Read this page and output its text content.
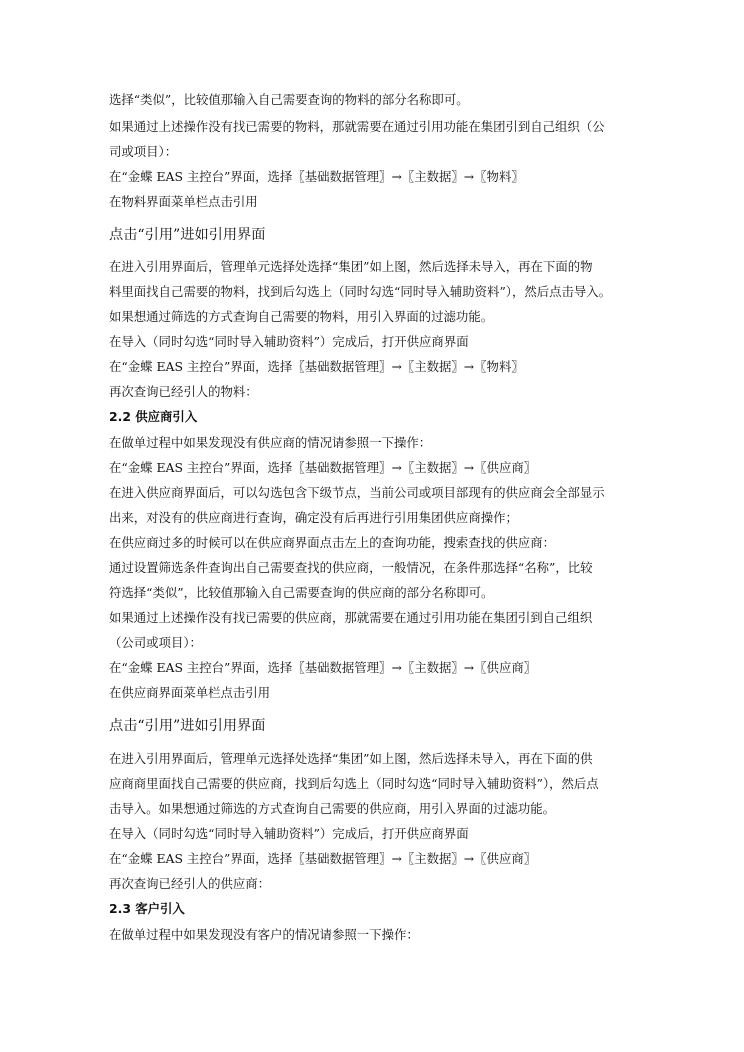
选择“类似”，比较值那输入自己需要查询的物料的部分名称即可。
如果通过上述操作没有找已需要的物料，那就需要在通过引用功能在集团引到自己组织（公
司或项目）：
在“金蝶 EAS 主控台”界面，选择〖基础数据管理〗→〖主数据〗→〖物料〗
在物料界面菜单栏点击引用
点击“引用”进如引用界面
在进入引用界面后，管理单元选择处选择“集团”如上图，然后选择未导入，再在下面的物
料里面找自己需要的物料，找到后勾选上（同时勾选“同时导入辅助资料”），然后点击导入。
如果想通过筛选的方式查询自己需要的物料，用引入界面的过滤功能。
在导入（同时勾选“同时导入辅助资料”）完成后，打开供应商界面
在“金蝶 EAS 主控台”界面，选择〖基础数据管理〗→〖主数据〗→〖物料〗
再次查询已经引人的物料：
2.2 供应商引入
在做单过程中如果发现没有供应商的情况请参照一下操作：
在“金蝶 EAS 主控台”界面，选择〖基础数据管理〗→〖主数据〗→〖供应商〗
在进入供应商界面后，可以勾选包含下级节点，当前公司或项目部现有的供应商会全部显示
出来，对没有的供应商进行查询，确定没有后再进行引用集团供应商操作；
在供应商过多的时候可以在供应商界面点击左上的查询功能，搜索查找的供应商：
通过设置筛选条件查询出自己需要查找的供应商，一般情况，在条件那选择“名称”，比较
符选择“类似”，比较值那输入自己需要查询的供应商的部分名称即可。
如果通过上述操作没有找已需要的供应商，那就需要在通过引用功能在集团引到自己组织
（公司或项目）：
在“金蝶 EAS 主控台”界面，选择〖基础数据管理〗→〖主数据〗→〖供应商〗
在供应商界面菜单栏点击引用
点击“引用”进如引用界面
在进入引用界面后，管理单元选择处选择“集团”如上图，然后选择未导入，再在下面的供
应商商里面找自己需要的供应商，找到后勾选上（同时勾选“同时导入辅助资料”），然后点
击导入。如果想通过筛选的方式查询自己需要的供应商，用引入界面的过滤功能。
在导入（同时勾选“同时导入辅助资料”）完成后，打开供应商界面
在“金蝶 EAS 主控台”界面，选择〖基础数据管理〗→〖主数据〗→〖供应商〗
再次查询已经引人的供应商：
2.3 客户引入
在做单过程中如果发现没有客户的情况请参照一下操作：
